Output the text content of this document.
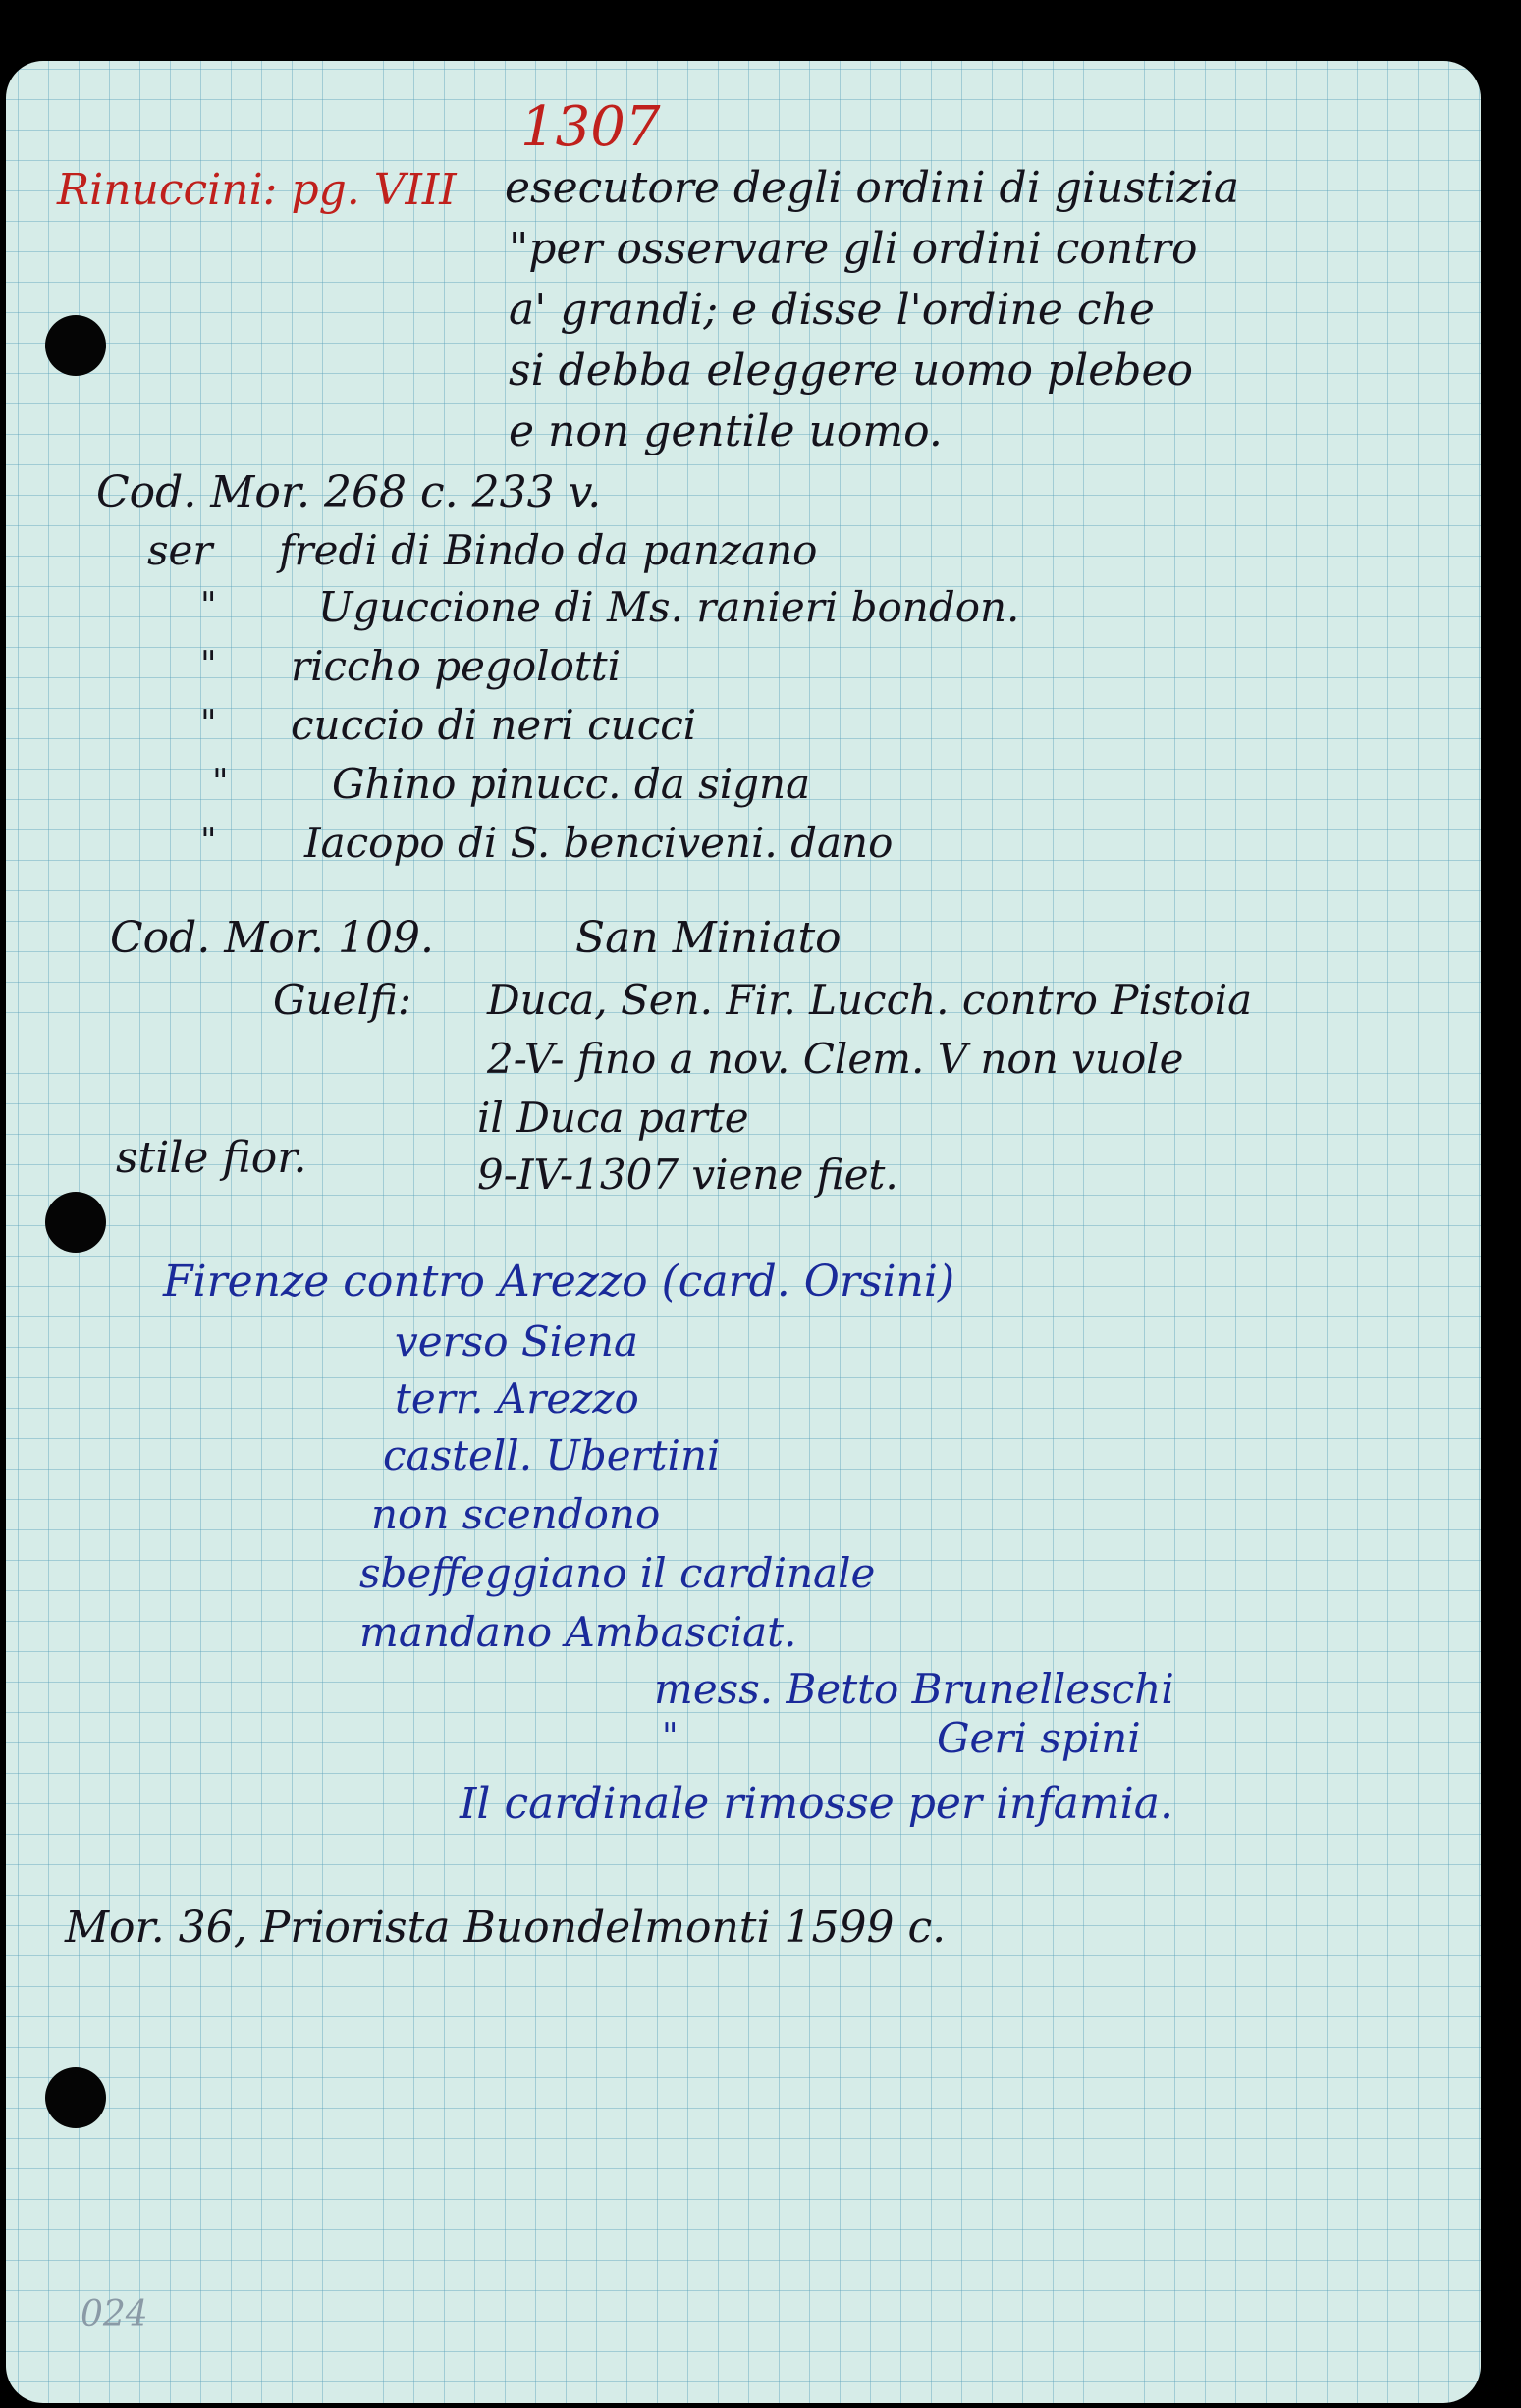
1307

Rinuccini: pg. VIII esecutore degli ordini di giustizia

"per osservare gli ordini contro

a' grandi; e disse l'ordine che

si debba eleggere uomo plebeo

e non gentile uomo.

Cod. Mor. 268 c. 233 v.

ser fredi di Bindo da panzano

" Uguccione di Ms. ranieri bondon.

" riccho pegolotti

" cuccio di neri cucci

"	Ghino pinucc. da signa

" Iacopo di S. benciveni. dano

Cod. Mor. 109.	San Miniato

Guelfi: Duca, Sen. Fir. Lucch. contro Pistoia

2-V- fino a nov. Clem. V non vuole

il Duca parte

9-IV-1307 viene fiet.

stile fior.

Firenze contro Arezzo (card. Orsini)

verso Siena

terr. Arezzo

castell. Ubertini

non scendono

sbeffeggiano il cardinale

mandano Ambasciat.

mess. Betto Brunelleschi

"	Geri spini

Il cardinale rimosse per infamia.

Mor. 36, Priorista Buondelmonti 1599 c.

024
